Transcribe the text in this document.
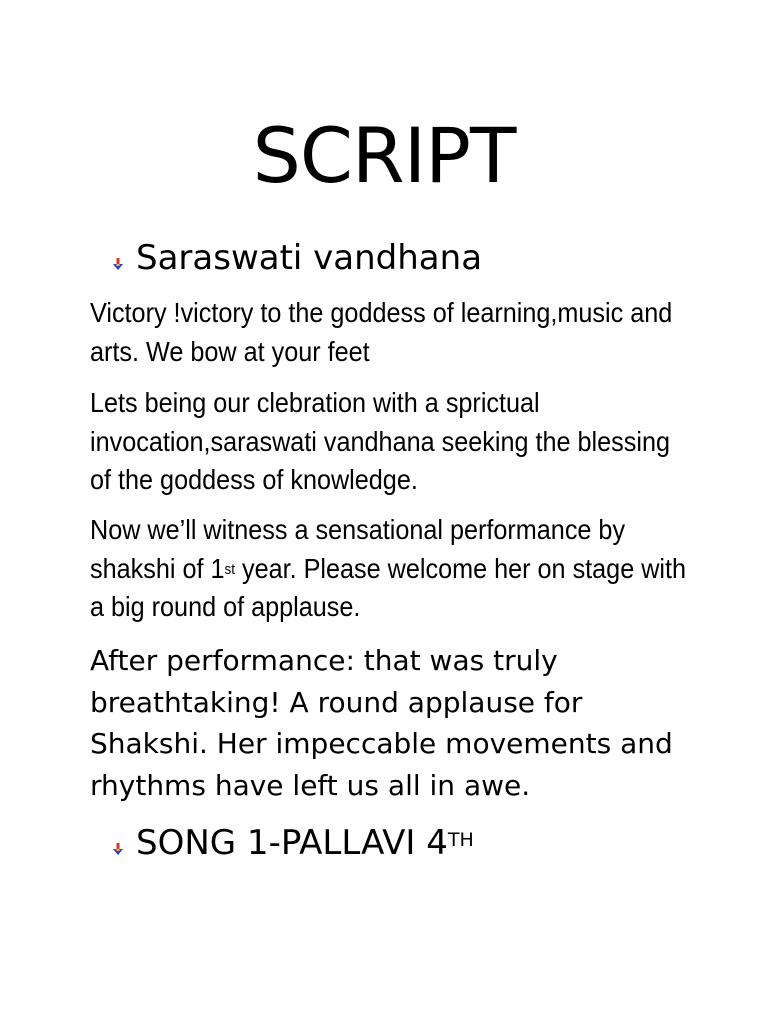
SCRIPT
Saraswati vandhana

Victory !victory to the goddess of learning,music and arts. We bow at your feet

Lets being our clebration with a sprictual invocation,saraswati vandhana seeking the blessing of the goddess of knowledge.

Now we’ll witness a sensational performance by shakshi of 1st year. Please welcome her on stage with a big round of applause.

After performance: that was truly breathtaking! A round applause for Shakshi. Her impeccable movements and rhythms have left us all in awe.

SONG 1-PALLAVI 4TH
